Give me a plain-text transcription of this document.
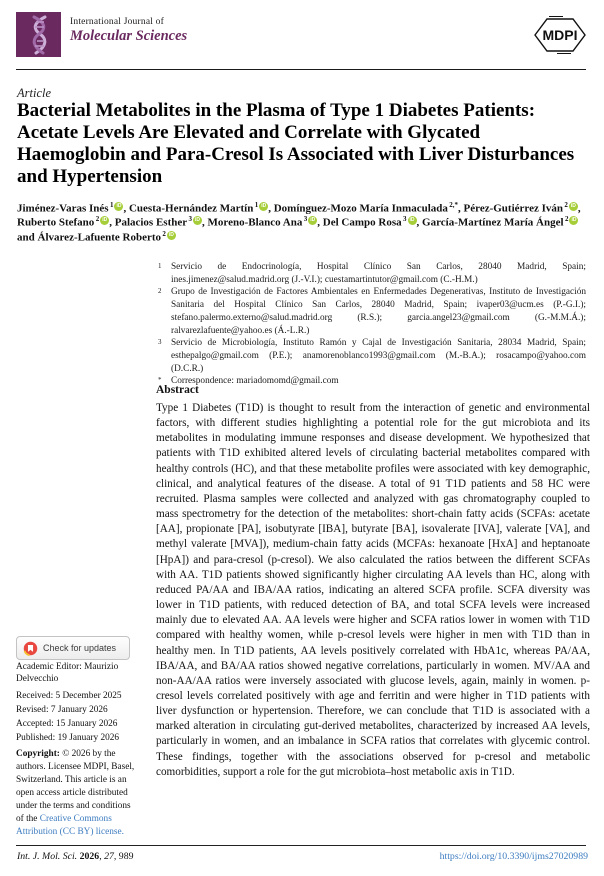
International Journal of
Molecular Sciences	MDPI
Article
Bacterial Metabolites in the Plasma of Type 1 Diabetes Patients: Acetate Levels Are Elevated and Correlate with Glycated Haemoglobin and Para-Cresol Is Associated with Liver Disturbances and Hypertension
Jiménez-Varas Inés $^1$ iD , Cuesta-Hernández Martín $^1$ iD , Domínguez-Mozo María Inmaculada $^{2,*}$, Pérez-Gutiérrez Iván $^2$ iD , Ruberto Stefano $^2$ iD , Palacios Esther $^3$ iD , Moreno-Blanco Ana $^3$ iD , Del Campo Rosa $^3$ iD , García-Martínez María Ángel $^2$ iD and Álvarez-Lafuente Roberto $^2$ iD
1 Servicio de Endocrinología, Hospital Clínico San Carlos, 28040 Madrid, Spain; ines.jimenez@salud.madrid.org (J.-V.I.); cuestamartintutor@gmail.com (C.-H.M.)
2 Grupo de Investigación de Factores Ambientales en Enfermedades Degenerativas, Instituto de Investigación Sanitaria del Hospital Clínico San Carlos, 28040 Madrid, Spain; ivaper03@ucm.es (P.-G.I.); stefano.palermo.externo@salud.madrid.org (R.S.); garcia.angel23@gmail.com (G.-M.M.Á.); ralvarezlafuente@yahoo.es (Á.-L.R.)
3 Servicio de Microbiología, Instituto Ramón y Cajal de Investigación Sanitaria, 28034 Madrid, Spain; esthepalgo@gmail.com (P.E.); anamorenoblanco1993@gmail.com (M.-B.A.); rosacampo@yahoo.com (D.C.R.)
* Correspondence: mariadomomd@gmail.com
Abstract

Type 1 Diabetes (T1D) is thought to result from the interaction of genetic and environmental factors, with different studies highlighting a potential role for the gut microbiota and its metabolites in modulating immune responses and disease development. We hypothesized that patients with T1D exhibited altered levels of circulating bacterial metabolites compared with healthy controls (HC), and that these metabolite profiles were associated with key demographic, clinical, and analytical features of the disease. A total of 91 T1D patients and 58 HC were recruited. Plasma samples were collected and analyzed with gas chromatography coupled to mass spectrometry for the detection of the metabolites: short-chain fatty acids (SCFAs: acetate [AA], propionate [PA], isobutyrate [IBA], butyrate [BA], isovalerate [IVA], valerate [VA], and methyl valerate [MVA]), medium-chain fatty acids (MCFAs: hexanoate [HxA] and heptanoate [HpA]) and para-cresol (p-cresol). We also calculated the ratios between the different SCFAs with AA. T1D patients showed significantly higher circulating AA levels than HC, along with reduced PA/AA and IBA/AA ratios, indicating an altered SCFA profile. SCFA diversity was lower in T1D patients, with reduced detection of BA, and total SCFA levels were increased mainly due to elevated AA. AA levels were higher and SCFA ratios lower in women with T1D compared with healthy women, while p-cresol levels were higher in men with T1D than in healthy men. In T1D patients, AA levels positively correlated with HbA1c, whereas PA/AA, IBA/AA, and BA/AA ratios showed negative correlations, particularly in women. MV/AA and non-AA/AA ratios were inversely associated with glucose levels, again, mainly in women. p-cresol levels correlated positively with age and ferritin and were higher in T1D patients with liver dysfunction or hypertension. Therefore, we can conclude that T1D is associated with a marked alteration in circulating gut-derived metabolites, characterized by increased AA levels, particularly in women, and an imbalance in SCFA ratios that correlates with glycemic control. These findings, together with the associations observed for p-cresol and metabolic comorbidities, support a role for the gut microbiota–host metabolic axis in T1D.

Check for updates
Academic Editor: Maurizio Delvecchio
Received: 5 December 2025
Revised: 7 January 2026
Accepted: 15 January 2026
Published: 19 January 2026
Copyright: © 2026 by the authors. Licensee MDPI, Basel, Switzerland. This article is an open access article distributed under the terms and conditions of the Creative Commons Attribution (CC BY) license.
Int. J. Mol. Sci. 2026, 27, 989	https://doi.org/10.3390/ijms27020989
